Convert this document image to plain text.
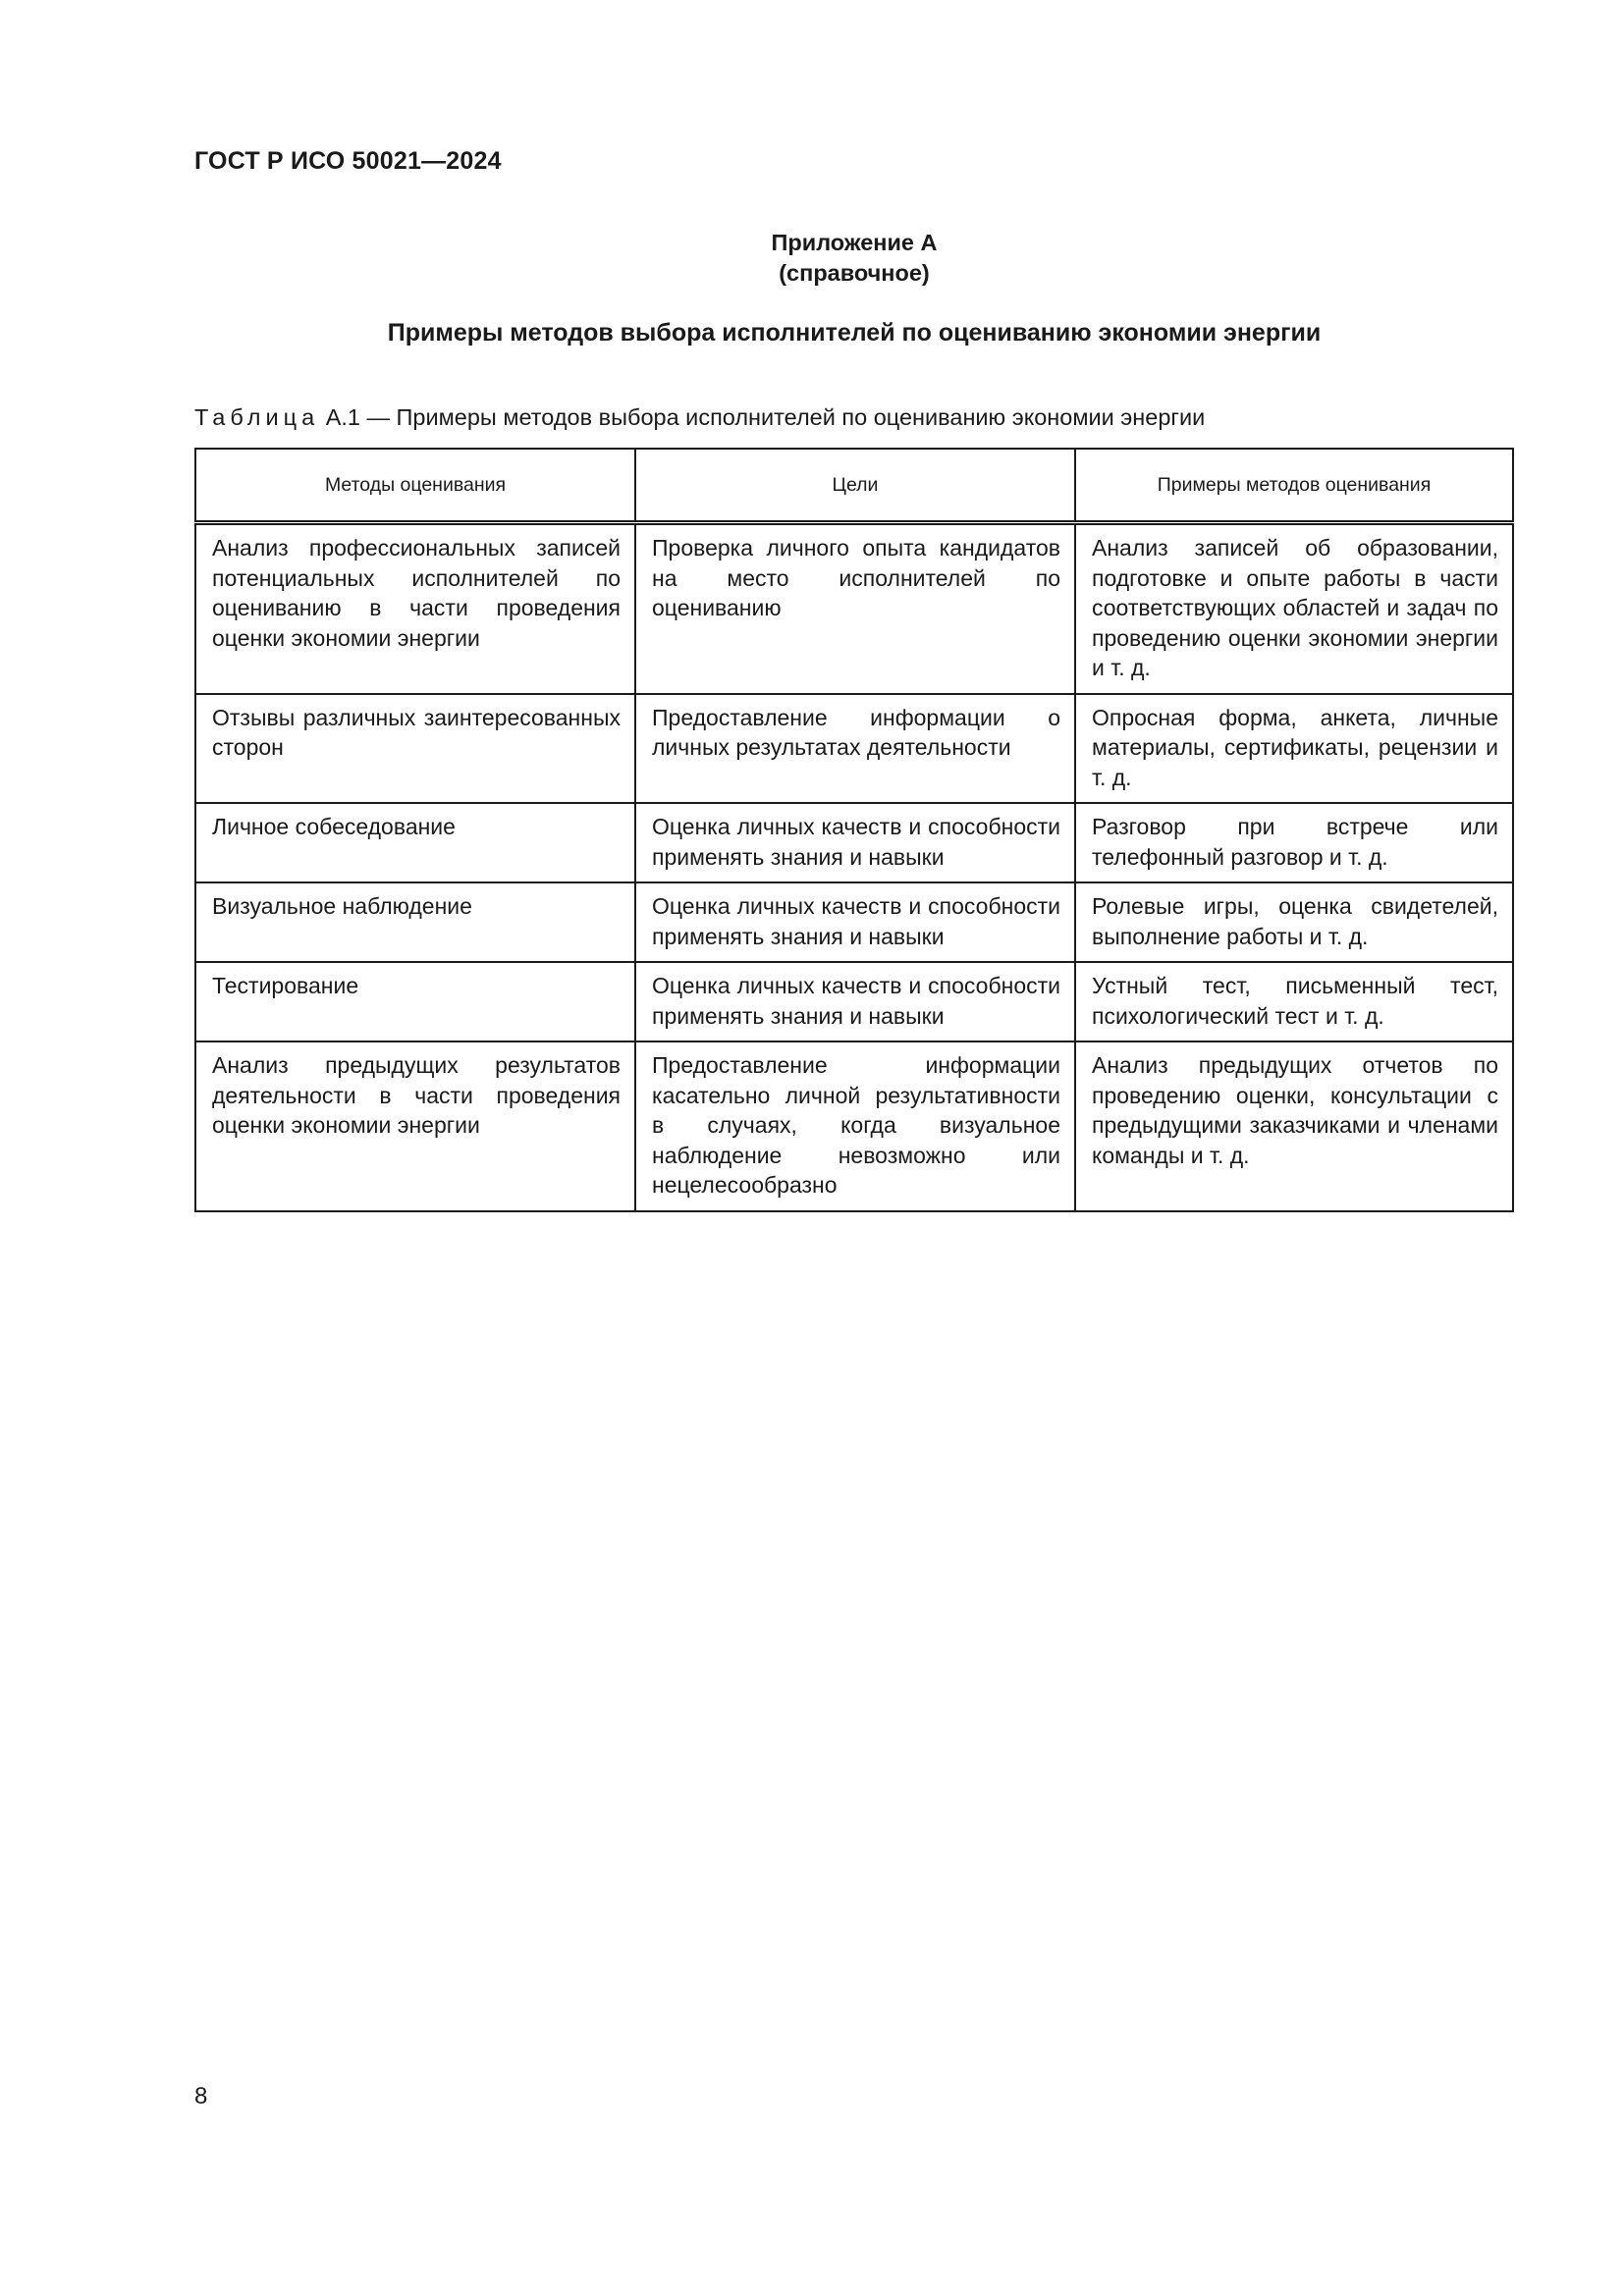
ГОСТ Р ИСО 50021—2024
Приложение А
(справочное)
Примеры методов выбора исполнителей по оцениванию экономии энергии
Таблица А.1 — Примеры методов выбора исполнителей по оцениванию экономии энергии
Методы оценивания	Цели	Примеры методов оценивания
Анализ профессиональных записей потенциальных исполнителей по оцениванию в части проведения оценки экономии энергии	Проверка личного опыта кандидатов на место исполнителей по оцениванию	Анализ записей об образовании, подготовке и опыте работы в части соответствующих областей и задач по проведению оценки экономии энергии и т. д.
Отзывы различных заинтересованных сторон	Предоставление информации о личных результатах деятельности	Опросная форма, анкета, личные материалы, сертификаты, рецензии и т. д.
Личное собеседование	Оценка личных качеств и способности применять знания и навыки	Разговор при встрече или телефонный разговор и т. д.
Визуальное наблюдение	Оценка личных качеств и способности применять знания и навыки	Ролевые игры, оценка свидетелей, выполнение работы и т. д.
Тестирование	Оценка личных качеств и способности применять знания и навыки	Устный тест, письменный тест, психологический тест и т. д.
Анализ предыдущих результатов деятельности в части проведения оценки экономии энергии	Предоставление информации касательно личной результативности в случаях, когда визуальное наблюдение невозможно или нецелесообразно	Анализ предыдущих отчетов по проведению оценки, консультации с предыдущими заказчиками и членами команды и т. д.
8
